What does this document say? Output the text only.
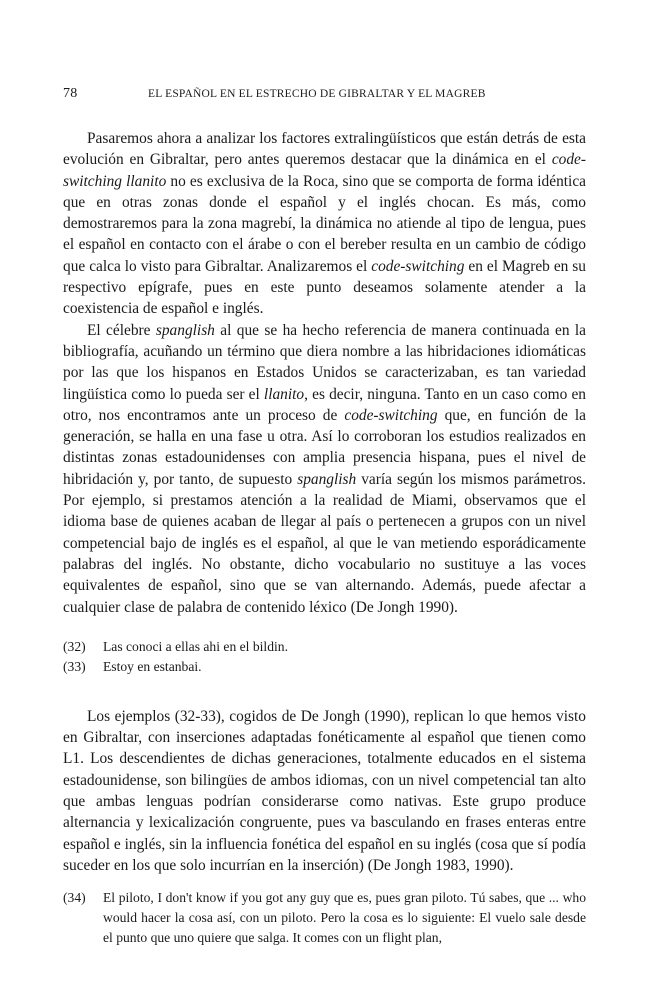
78	EL ESPAÑOL EN EL ESTRECHO DE GIBRALTAR Y EL MAGREB

Pasaremos ahora a analizar los factores extralingüísticos que están detrás de esta evolución en Gibraltar, pero antes queremos destacar que la dinámica en el code-switching llanito no es exclusiva de la Roca, sino que se comporta de forma idéntica que en otras zonas donde el español y el inglés chocan. Es más, como demostraremos para la zona magrebí, la dinámica no atiende al tipo de lengua, pues el español en contacto con el árabe o con el bereber resulta en un cambio de código que calca lo visto para Gibraltar. Analizaremos el code-switching en el Magreb en su respectivo epígrafe, pues en este punto deseamos solamente atender a la coexistencia de español e inglés.

El célebre spanglish al que se ha hecho referencia de manera continuada en la bibliografía, acuñando un término que diera nombre a las hibridaciones idiomáticas por las que los hispanos en Estados Unidos se caracterizaban, es tan variedad lingüística como lo pueda ser el llanito, es decir, ninguna. Tanto en un caso como en otro, nos encontramos ante un proceso de code-switching que, en función de la generación, se halla en una fase u otra. Así lo corroboran los estudios realizados en distintas zonas estadounidenses con amplia presencia hispana, pues el nivel de hibridación y, por tanto, de supuesto spanglish varía según los mismos parámetros. Por ejemplo, si prestamos atención a la realidad de Miami, observamos que el idioma base de quienes acaban de llegar al país o pertenecen a grupos con un nivel competencial bajo de inglés es el español, al que le van metiendo esporádicamente palabras del inglés. No obstante, dicho vocabulario no sustituye a las voces equivalentes de español, sino que se van alternando. Además, puede afectar a cualquier clase de palabra de contenido léxico (De Jongh 1990).

(32)	Las conoci a ellas ahi en el bildin.
(33)	Estoy en estanbai.

Los ejemplos (32-33), cogidos de De Jongh (1990), replican lo que hemos visto en Gibraltar, con inserciones adaptadas fonéticamente al español que tienen como L1. Los descendientes de dichas generaciones, totalmente educados en el sistema estadounidense, son bilingües de ambos idiomas, con un nivel competencial tan alto que ambas lenguas podrían considerarse como nativas. Este grupo produce alternancia y lexicalización congruente, pues va basculando en frases enteras entre español e inglés, sin la influencia fonética del español en su inglés (cosa que sí podía suceder en los que solo incurrían en la inserción) (De Jongh 1983, 1990).

(34)	El piloto, I don't know if you got any guy que es, pues gran piloto. Tú sabes, que ... who would hacer la cosa así, con un piloto. Pero la cosa es lo siguiente: El vuelo sale desde el punto que uno quiere que salga. It comes con un flight plan,
